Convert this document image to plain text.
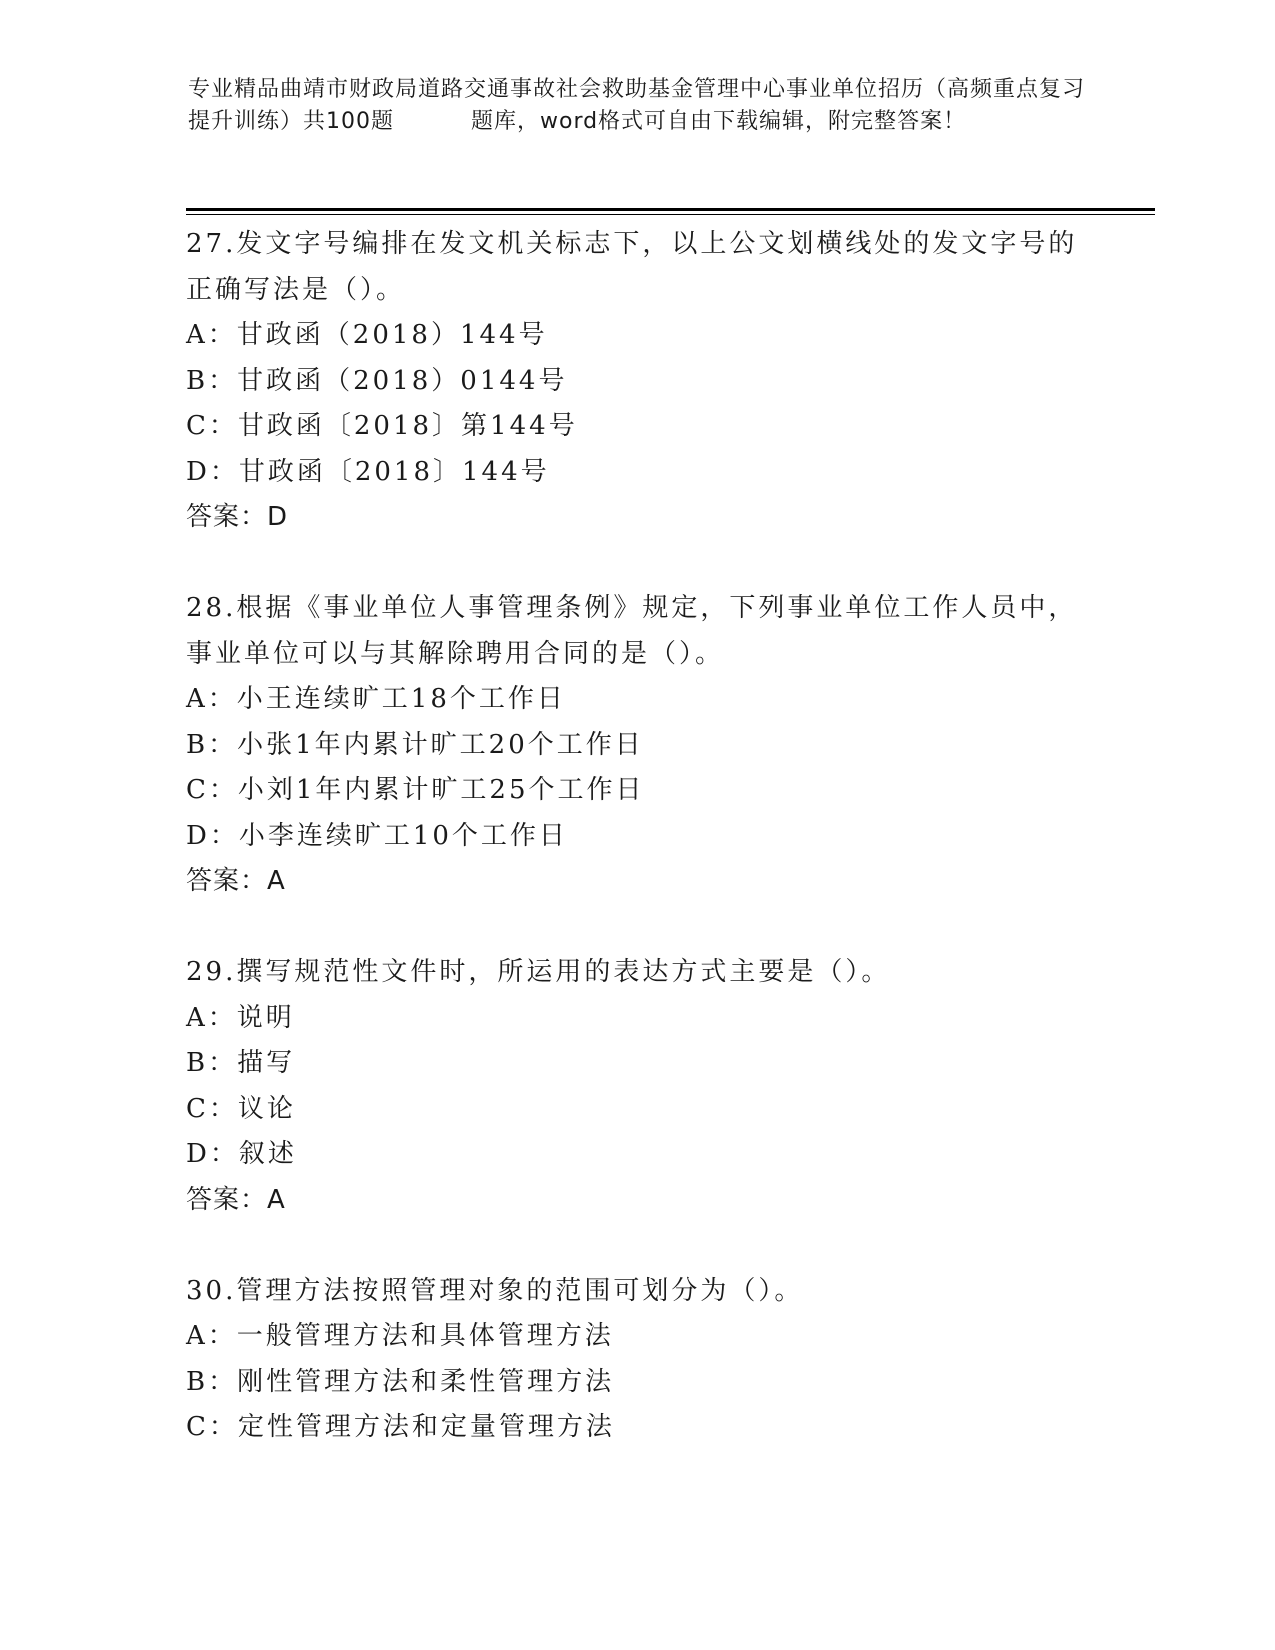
专业精品曲靖市财政局道路交通事故社会救助基金管理中心事业单位招历（高频重点复习提升训练）共100题 　　　题库，word格式可自由下载编辑，附完整答案！
27.发文字号编排在发文机关标志下，以上公文划横线处的发文字号的
正确写法是（）。
A：甘政函（2018）144号
B：甘政函（2018）0144号
C：甘政函〔2018〕第144号
D：甘政函〔2018〕144号
答案：D
28.根据《事业单位人事管理条例》规定，下列事业单位工作人员中，
事业单位可以与其解除聘用合同的是（）。
A：小王连续旷工18个工作日
B：小张1年内累计旷工20个工作日
C：小刘1年内累计旷工25个工作日
D：小李连续旷工10个工作日
答案：A
29.撰写规范性文件时，所运用的表达方式主要是（）。
A：说明
B：描写
C：议论
D：叙述
答案：A
30.管理方法按照管理对象的范围可划分为（）。
A：一般管理方法和具体管理方法
B：刚性管理方法和柔性管理方法
C：定性管理方法和定量管理方法
